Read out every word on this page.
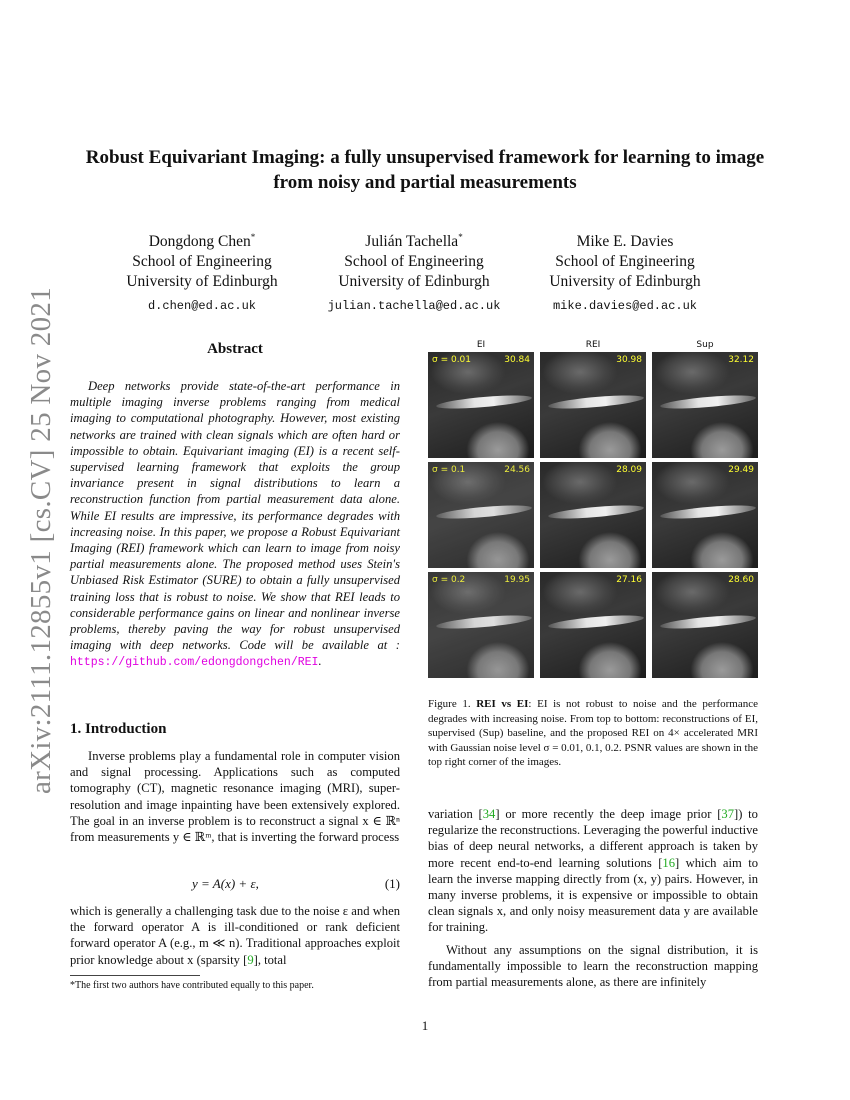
arXiv:2111.12855v1 [cs.CV] 25 Nov 2021
Robust Equivariant Imaging: a fully unsupervised framework for learning to image from noisy and partial measurements
Dongdong Chen*
School of Engineering
University of Edinburgh
d.chen@ed.ac.uk
Julián Tachella*
School of Engineering
University of Edinburgh
julian.tachella@ed.ac.uk
Mike E. Davies
School of Engineering
University of Edinburgh
mike.davies@ed.ac.uk
Abstract

Deep networks provide state-of-the-art performance in multiple imaging inverse problems ranging from medical imaging to computational photography. However, most existing networks are trained with clean signals which are often hard or impossible to obtain. Equivariant imaging (EI) is a recent self-supervised learning framework that exploits the group invariance present in signal distributions to learn a reconstruction function from partial measurement data alone. While EI results are impressive, its performance degrades with increasing noise. In this paper, we propose a Robust Equivariant Imaging (REI) framework which can learn to image from noisy partial measurements alone. The proposed method uses Stein's Unbiased Risk Estimator (SURE) to obtain a fully unsupervised training loss that is robust to noise. We show that REI leads to considerable performance gains on linear and nonlinear inverse problems, thereby paving the way for robust unsupervised imaging with deep networks. Code will be available at : https://github.com/edongdongchen/REI.

1. Introduction

Inverse problems play a fundamental role in computer vision and signal processing. Applications such as computed tomography (CT), magnetic resonance imaging (MRI), super-resolution and image inpainting have been extensively explored. The goal in an inverse problem is to reconstruct a signal x ∈ ℝⁿ from measurements y ∈ ℝᵐ, that is inverting the forward process

y = A(x) + ε,	(1)

which is generally a challenging task due to the noise ε and when the forward operator A is ill-conditioned or rank deficient forward operator A (e.g., m ≪ n). Traditional approaches exploit prior knowledge about x (sparsity [9], total

*The first two authors have contributed equally to this paper.
EI	REI	Sup
σ = 0.01	30.84	30.98	32.12
σ = 0.1	24.56	28.09	29.49
σ = 0.2	19.95	27.16	28.60

Figure 1. REI vs EI: EI is not robust to noise and the performance degrades with increasing noise. From top to bottom: reconstructions of EI, supervised (Sup) baseline, and the proposed REI on 4× accelerated MRI with Gaussian noise level σ = 0.01, 0.1, 0.2. PSNR values are shown in the top right corner of the images.

variation [34] or more recently the deep image prior [37]) to regularize the reconstructions. Leveraging the powerful inductive bias of deep neural networks, a different approach is taken by more recent end-to-end learning solutions [16] which aim to learn the inverse mapping directly from (x, y) pairs. However, in many inverse problems, it is expensive or impossible to obtain clean signals x, and only noisy measurement data y are available for training.

Without any assumptions on the signal distribution, it is fundamentally impossible to learn the reconstruction mapping from partial measurements alone, as there are infinitely

1
